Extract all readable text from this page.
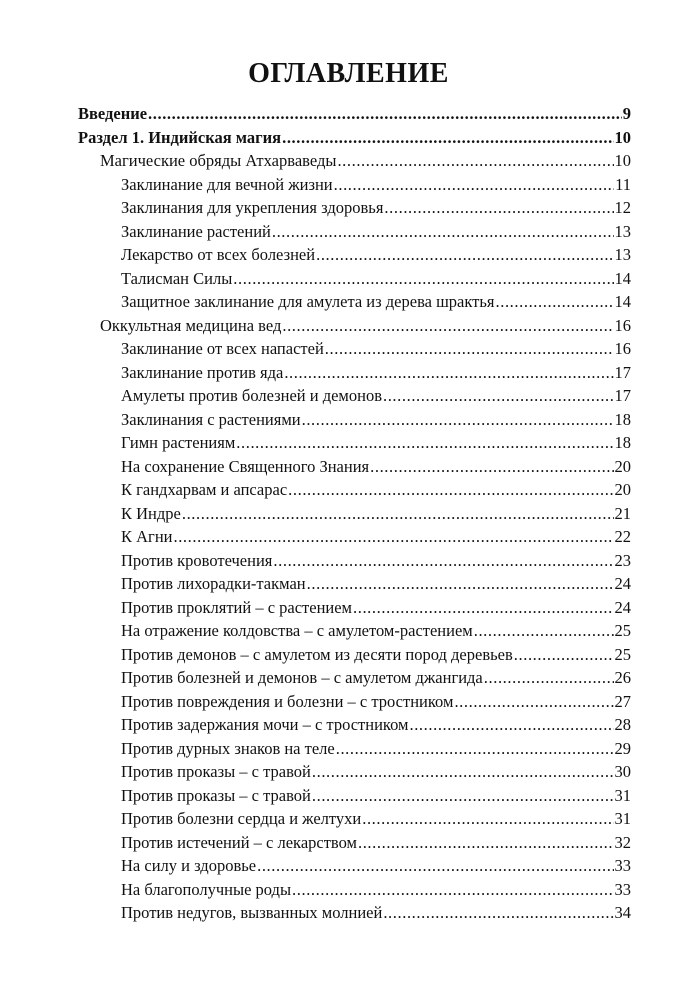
ОГЛАВЛЕНИЕ
Введение .....	9
Раздел 1. Индийская магия .....	10
Магические обряды Атхарваведы .....	10
Заклинание для вечной жизни .....	11
Заклинания для укрепления здоровья .....	12
Заклинание растений .....	13
Лекарство от всех болезней .....	13
Талисман Силы .....	14
Защитное заклинание для амулета из дерева шрактья .....	14
Оккультная медицина вед .....	16
Заклинание от всех напастей .....	16
Заклинание против яда .....	17
Амулеты против болезней и демонов .....	17
Заклинания с растениями .....	18
Гимн растениям .....	18
На сохранение Священного Знания .....	20
К гандхарвам и апсарас .....	20
К Индре .....	21
К Агни .....	22
Против кровотечения .....	23
Против лихорадки-такман .....	24
Против проклятий – с растением .....	24
На отражение колдовства – с амулетом-растением .....	25
Против демонов – с амулетом из десяти пород деревьев .....	25
Против болезней и демонов – с амулетом джангида .....	26
Против повреждения и болезни – с тростником .....	27
Против задержания мочи – с тростником .....	28
Против дурных знаков на теле .....	29
Против проказы – с травой .....	30
Против проказы – с травой .....	31
Против болезни сердца и желтухи .....	31
Против истечений – с лекарством .....	32
На силу и здоровье .....	33
На благополучные роды .....	33
Против недугов, вызванных молнией .....	34
